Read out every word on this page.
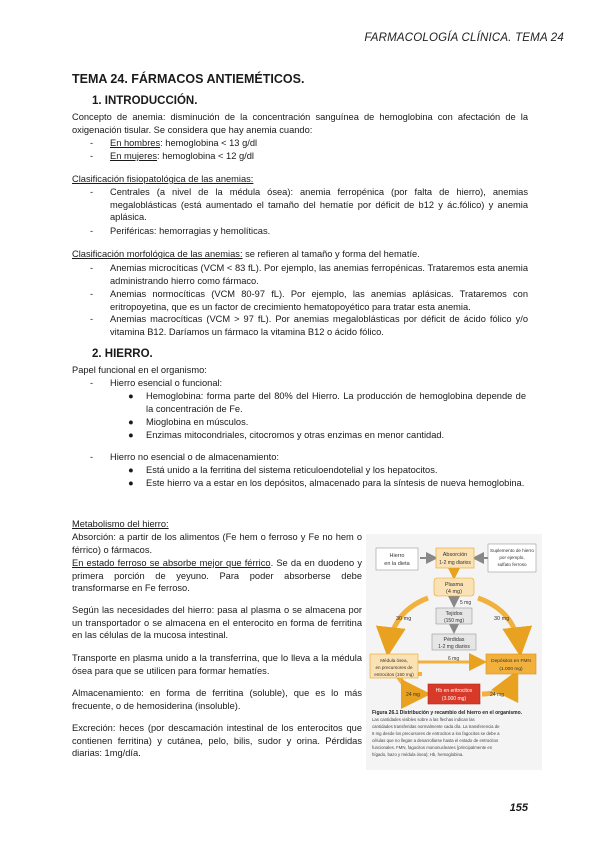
FARMACOLOGÍA CLÍNICA. TEMA 24
TEMA 24. FÁRMACOS ANTIEMÉTICOS.
1. INTRODUCCIÓN.
Concepto de anemia: disminución de la concentración sanguínea de hemoglobina con afectación de la oxigenación tisular. Se considera que hay anemia cuando:
- En hombres: hemoglobina < 13 g/dl
- En mujeres: hemoglobina < 12 g/dl
Clasificación fisiopatológica de las anemias:
- Centrales (a nivel de la médula ósea): anemia ferropénica (por falta de hierro), anemias megaloblásticas (está aumentado el tamaño del hematíe por déficit de b12 y ác.fólico) y anemia aplásica.
- Periféricas: hemorragias y hemolíticas.
Clasificación morfológica de las anemias: se refieren al tamaño y forma del hematíe.
- Anemias microcíticas (VCM < 83 fL). Por ejemplo, las anemias ferropénicas. Trataremos esta anemia administrando hierro como fármaco.
- Anemias normocíticas (VCM 80-97 fL). Por ejemplo, las anemias aplásicas. Trataremos con eritropoyetina, que es un factor de crecimiento hematopoyético para tratar esta anemia.
- Anemias macrocíticas (VCM > 97 fL). Por anemias megaloblásticas por déficit de ácido fólico y/o vitamina B12. Daríamos un fármaco la vitamina B12 o ácido fólico.
2. HIERRO.
Papel funcional en el organismo:
- Hierro esencial o funcional:
● Hemoglobina: forma parte del 80% del Hierro. La producción de hemoglobina depende de la concentración de Fe.
● Mioglobina en músculos.
● Enzimas mitocondriales, citocromos y otras enzimas en menor cantidad.
- Hierro no esencial o de almacenamiento:
● Está unido a la ferritina del sistema reticuloendotelial y los hepatocitos.
● Este hierro va a estar en los depósitos, almacenado para la síntesis de nueva hemoglobina.
Metabolismo del hierro:
Absorción: a partir de los alimentos (Fe hem o ferroso y Fe no hem o férrico) o fármacos.
En estado ferroso se absorbe mejor que férrico. Se da en duodeno y primera porción de yeyuno. Para poder absorberse debe transformarse en Fe ferroso.
Según las necesidades del hierro: pasa al plasma o se almacena por un transportador o se almacena en el enterocito en forma de ferritina en las células de la mucosa intestinal.
Transporte en plasma unido a la transferrina, que lo lleva a la médula ósea para que se utilicen para formar hematíes.
Almacenamiento: en forma de ferritina (soluble), que es lo más frecuente, o de hemosiderina (insoluble).
Excreción: heces (por descamación intestinal de los enterocitos que contienen ferritina) y cutánea, pelo, bilis, sudor y orina. Pérdidas diarias: 1mg/día.
Hierro
en la dieta
Absorción
1-2 mg diarios
Suplemento de hierro
por ejemplo,
sulfato ferroso
Plasma
(4 mg)
Tejidos
(150 mg)
Pérdidas
1-2 mg diarios
Médula ósea,
en precursores de
entrocitos (150 mg)
Depósitos en FMN
(1.000 mg)
Hb en eritrocitos
(3.000 mg)
30 mg	30 mg
5 mg
6 mg
24 mg	24 mg
Figura 26.1 Distribución y recambio del hierro en el organismo.
Las cantidades visibles sobre a las flechas indican las
cantidades transferidas normalmente cada día. La transferencia de
6 mg desde los precursores de entrocitos a los fagocitos se debe a
células que no llegan a desarrollarse hasta el estado de entrocitos
funcionales. FMN, fagocitos mononucleares (principalmente en
hígado, bazo y médula ósea); Hb, hemoglobina.
155
